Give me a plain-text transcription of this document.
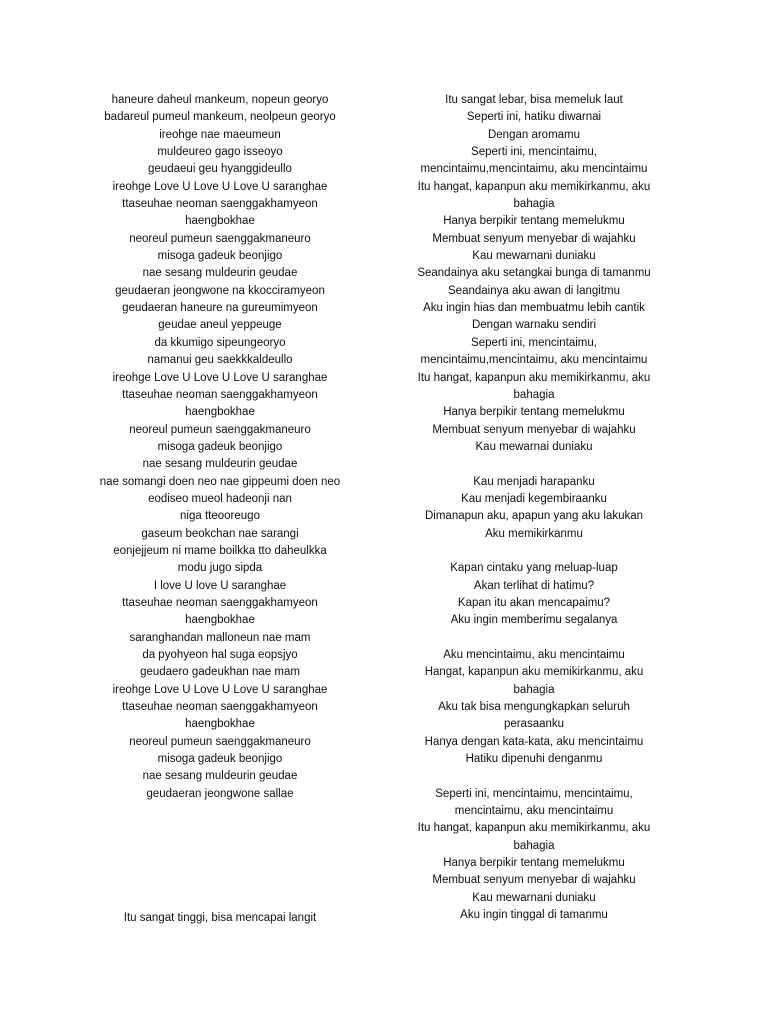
haneure daheul mankeum, nopeun georyo
badareul pumeul mankeum, neolpeun georyo
ireohge nae maeumeun
muldeureo gago isseoyo
geudaeui geu hyanggideullo
ireohge Love U Love U Love U saranghae
ttaseuhae neoman saenggakhamyeon
haengbokhae
neoreul pumeun saenggakmaneuro
misoga gadeuk beonjigo
nae sesang muldeurin geudae
geudaeran jeongwone na kkocciramyeon
geudaeran haneure na gureumimyeon
geudae aneul yeppeuge
da kkumigo sipeungeoryo
namanui geu saekkkaldeullo
ireohge Love U Love U Love U saranghae
ttaseuhae neoman saenggakhamyeon
haengbokhae
neoreul pumeun saenggakmaneuro
misoga gadeuk beonjigo
nae sesang muldeurin geudae
nae somangi doen neo nae gippeumi doen neo
eodiseo mueol hadeonji nan
niga tteooreugo
gaseum beokchan nae sarangi
eonjejjeum ni mame boilkka tto daheulkka
modu jugo sipda
I love U love U saranghae
ttaseuhae neoman saenggakhamyeon
haengbokhae
saranghandan malloneun nae mam
da pyohyeon hal suga eopsjyo
geudaero gadeukhan nae mam
ireohge Love U Love U Love U saranghae
ttaseuhae neoman saenggakhamyeon
haengbokhae
neoreul pumeun saenggakmaneuro
misoga gadeuk beonjigo
nae sesang muldeurin geudae
geudaeran jeongwone sallae
Itu sangat tinggi, bisa mencapai langit
Itu sangat lebar, bisa memeluk laut
Seperti ini, hatiku diwarnai
Dengan aromamu
Seperti ini, mencintaimu,
mencintaimu,mencintaimu, aku mencintaimu
Itu hangat, kapanpun aku memikirkanmu, aku
bahagia
Hanya berpikir tentang memelukmu
Membuat senyum menyebar di wajahku
Kau mewarnani duniaku
Seandainya aku setangkai bunga di tamanmu
Seandainya aku awan di langitmu
Aku ingin hias dan membuatmu lebih cantik
Dengan warnaku sendiri
Seperti ini, mencintaimu,
mencintaimu,mencintaimu, aku mencintaimu
Itu hangat, kapanpun aku memikirkanmu, aku
bahagia
Hanya berpikir tentang memelukmu
Membuat senyum menyebar di wajahku
Kau mewarnai duniaku
Kau menjadi harapanku
Kau menjadi kegembiraanku
Dimanapun aku, apapun yang aku lakukan
Aku memikirkanmu
Kapan cintaku yang meluap-luap
Akan terlihat di hatimu?
Kapan itu akan mencapaimu?
Aku ingin memberimu segalanya
Aku mencintaimu, aku mencintaimu
Hangat, kapanpun aku memikirkanmu, aku
bahagia
Aku tak bisa mengungkapkan seluruh
perasaanku
Hanya dengan kata-kata, aku mencintaimu
Hatiku dipenuhi denganmu
Seperti ini, mencintaimu, mencintaimu,
mencintaimu, aku mencintaimu
Itu hangat, kapanpun aku memikirkanmu, aku
bahagia
Hanya berpikir tentang memelukmu
Membuat senyum menyebar di wajahku
Kau mewarnani duniaku
Aku ingin tinggal di tamanmu
